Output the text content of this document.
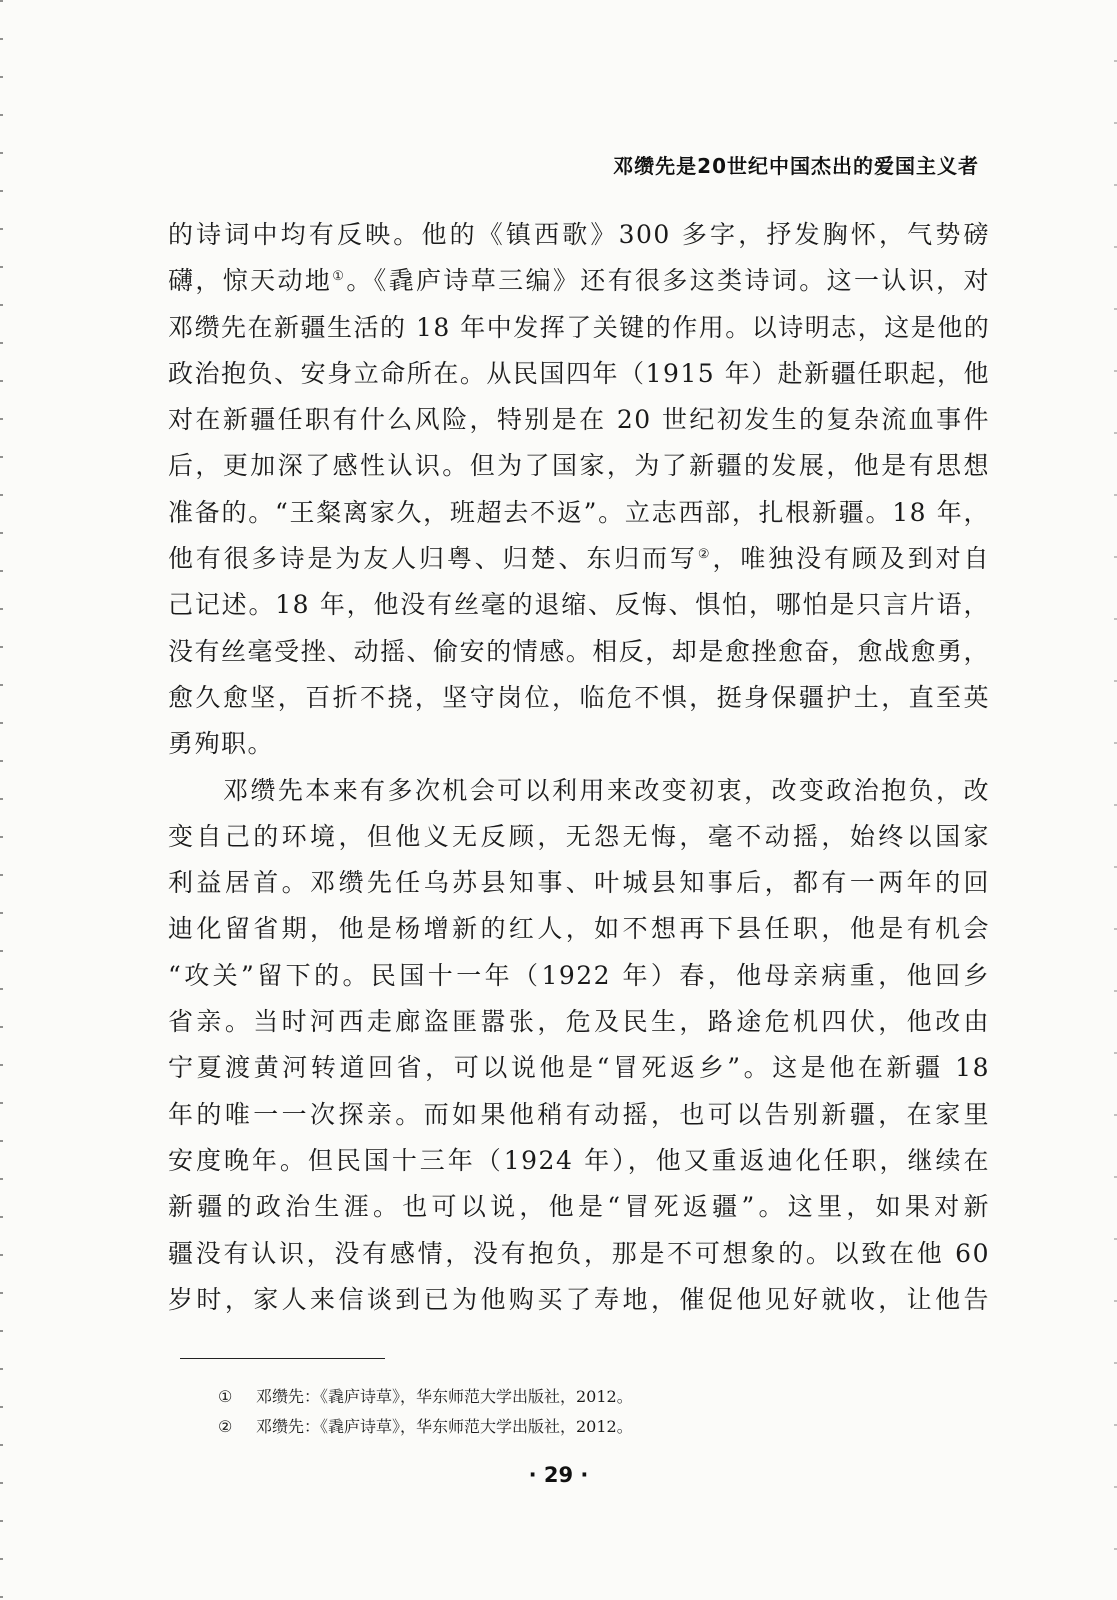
邓缵先是20世纪中国杰出的爱国主义者
的诗词中均有反映。他的《镇西歌》300 多字，抒发胸怀，气势磅
礴，惊天动地①。《毳庐诗草三编》还有很多这类诗词。这一认识，对
邓缵先在新疆生活的 18 年中发挥了关键的作用。以诗明志，这是他的
政治抱负、安身立命所在。从民国四年（1915 年）赴新疆任职起，他
对在新疆任职有什么风险，特别是在 20 世纪初发生的复杂流血事件
后，更加深了感性认识。但为了国家，为了新疆的发展，他是有思想
准备的。“王粲离家久，班超去不返”。立志西部，扎根新疆。18 年，
他有很多诗是为友人归粤、归楚、东归而写②，唯独没有顾及到对自
己记述。18 年，他没有丝毫的退缩、反悔、惧怕，哪怕是只言片语，
没有丝毫受挫、动摇、偷安的情感。相反，却是愈挫愈奋，愈战愈勇，
愈久愈坚，百折不挠，坚守岗位，临危不惧，挺身保疆护土，直至英
勇殉职。
邓缵先本来有多次机会可以利用来改变初衷，改变政治抱负，改
变自己的环境，但他义无反顾，无怨无悔，毫不动摇，始终以国家
利益居首。邓缵先任乌苏县知事、叶城县知事后，都有一两年的回
迪化留省期，他是杨增新的红人，如不想再下县任职，他是有机会
“攻关”留下的。民国十一年（1922 年）春，他母亲病重，他回乡
省亲。当时河西走廊盗匪嚣张，危及民生，路途危机四伏，他改由
宁夏渡黄河转道回省，可以说他是“冒死返乡”。这是他在新疆 18
年的唯一一次探亲。而如果他稍有动摇，也可以告别新疆，在家里
安度晚年。但民国十三年（1924 年），他又重返迪化任职，继续在
新疆的政治生涯。也可以说，他是“冒死返疆”。这里，如果对新
疆没有认识，没有感情，没有抱负，那是不可想象的。以致在他 60
岁时，家人来信谈到已为他购买了寿地，催促他见好就收，让他告
① 邓缵先：《毳庐诗草》，华东师范大学出版社，2012。
② 邓缵先：《毳庐诗草》，华东师范大学出版社，2012。
· 29 ·
